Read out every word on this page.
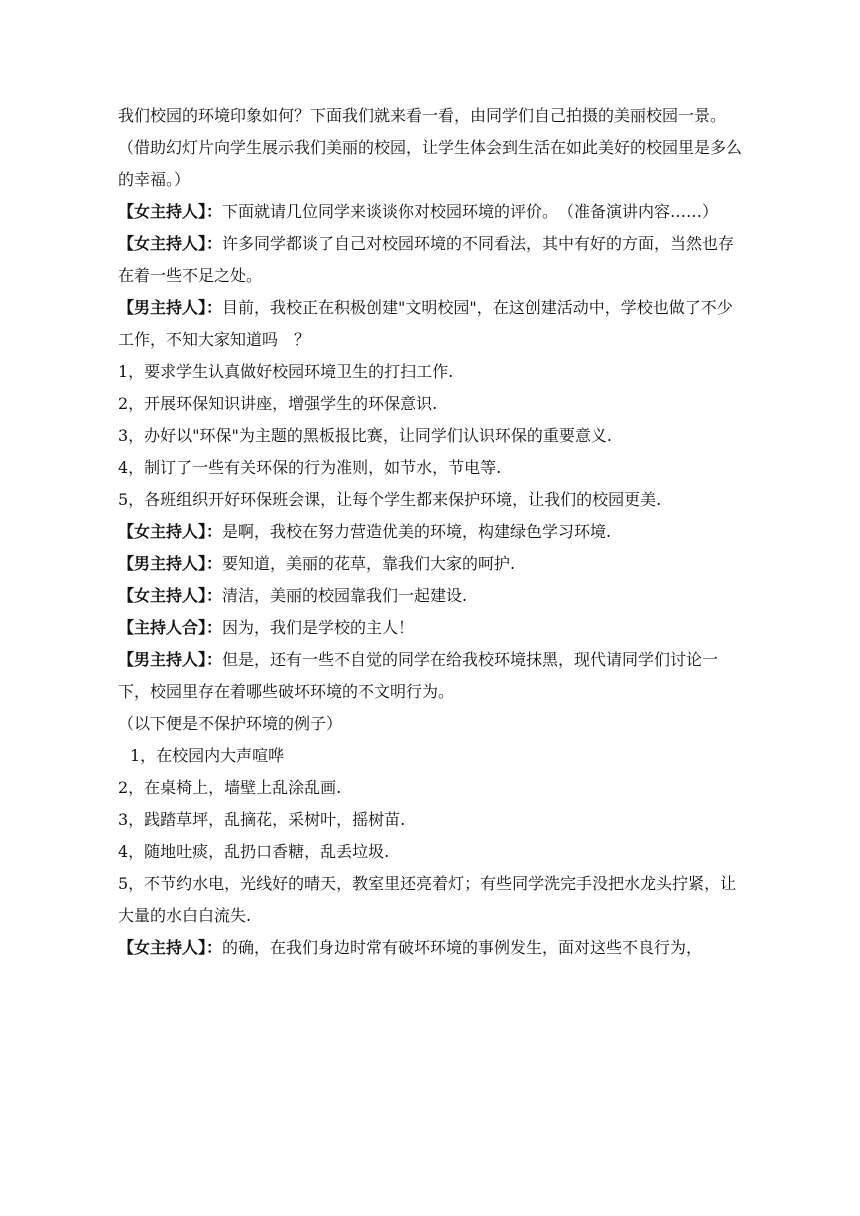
我们校园的环境印象如何？下面我们就来看一看，由同学们自己拍摄的美丽校园一景。

（借助幻灯片向学生展示我们美丽的校园，让学生体会到生活在如此美好的校园里是多么的幸福。）

【女主持人】：下面就请几位同学来谈谈你对校园环境的评价。　（准备演讲内容……）

【女主持人】：许多同学都谈了自己对校园环境的不同看法，其中有好的方面，当然也存在着一些不足之处。

【男主持人】：目前，我校正在积极创建"文明校园"，在这创建活动中，学校也做了不少工作，不知大家知道吗　？

1，要求学生认真做好校园环境卫生的打扫工作.

2，开展环保知识讲座，增强学生的环保意识.

3，办好以"环保"为主题的黑板报比赛，让同学们认识环保的重要意义.

4，制订了一些有关环保的行为准则，如节水，节电等.

5，各班组织开好环保班会课，让每个学生都来保护环境，让我们的校园更美.

【女主持人】：是啊，我校在努力营造优美的环境，构建绿色学习环境.

【男主持人】：要知道，美丽的花草，靠我们大家的呵护.

【女主持人】：清洁，美丽的校园靠我们一起建设.

【主持人合】：因为，我们是学校的主人！

【男主持人】：但是，还有一些不自觉的同学在给我校环境抹黑，现代请同学们讨论一下，校园里存在着哪些破坏环境的不文明行为。

（以下便是不保护环境的例子）

1，在校园内大声喧哗

2，在桌椅上，墙壁上乱涂乱画.

3，践踏草坪，乱摘花，采树叶，摇树苗.

4，随地吐痰，乱扔口香糖，乱丢垃圾.

5，不节约水电，光线好的晴天，教室里还亮着灯；有些同学洗完手没把水龙头拧紧，让大量的水白白流失.

【女主持人】：的确，在我们身边时常有破坏环境的事例发生，面对这些不良行为，
